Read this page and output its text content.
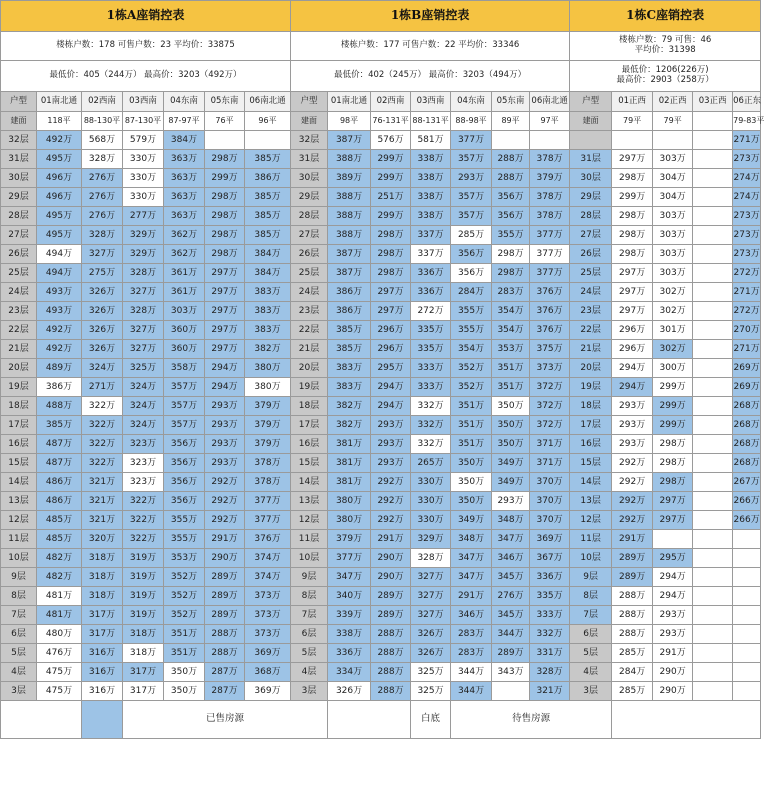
1栋A座销控表							1栋B座销控表							1栋C座销控表				
楼栋户数：178 可售户数：23 平均价：33875							楼栋户数：177 可售户数：22 平均价：33346							楼栋户数：79 可售：46
平均价：31398				

最低价：405（244万） 最高价：3203（492万）							最低价：402（245万） 最高价：3203（494万）							最低价：1206(226万)
最高价：2903（258万）				

户型	01南北通	02西南	03西南	04东南	05东南	06南北通	户型	01南北通	02西南	03西南	04东南	05东南	06南北通	户型	01正西	02正西	03正西	06正东
建面	118平	88-130平	87-130平	87-97平	76平	96平	建面	98平	76-131平	88-131平	88-98平	89平	97平	建面	79平	79平		79-83平
32层	492万	568万	579万	384万			32层	387万	576万	581万	377万							271万
31层	495万	328万	330万	363万	298万	385万	31层	388万	299万	338万	357万	288万	378万	31层	297万	303万		273万
30层	496万	276万	330万	363万	299万	386万	30层	389万	299万	338万	293万	288万	379万	30层	298万	304万		274万
29层	496万	276万	330万	363万	298万	385万	29层	388万	251万	338万	357万	356万	378万	29层	299万	304万		274万
28层	495万	276万	277万	363万	298万	385万	28层	388万	299万	338万	357万	356万	378万	28层	298万	303万		273万
27层	495万	328万	329万	362万	298万	385万	27层	388万	298万	337万	285万	355万	377万	27层	298万	303万		273万
26层	494万	327万	329万	362万	298万	384万	26层	387万	298万	337万	356万	298万	377万	26层	298万	303万		273万
25层	494万	275万	328万	361万	297万	384万	25层	387万	298万	336万	356万	298万	377万	25层	297万	303万		272万
24层	493万	326万	327万	361万	297万	383万	24层	386万	297万	336万	284万	283万	376万	24层	297万	302万		271万
23层	493万	326万	328万	303万	297万	383万	23层	386万	297万	272万	355万	354万	376万	23层	297万	302万		272万
22层	492万	326万	327万	360万	297万	383万	22层	385万	296万	335万	355万	354万	376万	22层	296万	301万		270万
21层	492万	326万	327万	360万	297万	382万	21层	385万	296万	335万	354万	353万	375万	21层	296万	302万		271万
20层	489万	324万	325万	358万	294万	380万	20层	383万	295万	333万	352万	351万	373万	20层	294万	300万		269万
19层	386万	271万	324万	357万	294万	380万	19层	383万	294万	333万	352万	351万	372万	19层	294万	299万		269万
18层	488万	322万	324万	357万	293万	379万	18层	382万	294万	332万	351万	350万	372万	18层	293万	299万		268万
17层	385万	322万	324万	357万	293万	379万	17层	382万	293万	332万	351万	350万	372万	17层	293万	299万		268万
16层	487万	322万	323万	356万	293万	379万	16层	381万	293万	332万	351万	350万	371万	16层	293万	298万		268万
15层	487万	322万	323万	356万	293万	378万	15层	381万	293万	265万	350万	349万	371万	15层	292万	298万		268万
14层	486万	321万	323万	356万	292万	378万	14层	381万	292万	330万	350万	349万	370万	14层	292万	298万		267万
13层	486万	321万	322万	356万	292万	377万	13层	380万	292万	330万	350万	293万	370万	13层	292万	297万		266万
12层	485万	321万	322万	355万	292万	377万	12层	380万	292万	330万	349万	348万	370万	12层	292万	297万		266万
11层	485万	320万	322万	355万	291万	376万	11层	379万	291万	329万	348万	347万	369万	11层	291万			
10层	482万	318万	319万	353万	290万	374万	10层	377万	290万	328万	347万	346万	367万	10层	289万	295万		
9层	482万	318万	319万	352万	289万	374万	9层	347万	290万	327万	347万	345万	336万	9层	289万	294万		
8层	481万	318万	319万	352万	289万	373万	8层	340万	289万	327万	291万	276万	335万	8层	288万	294万		
7层	481万	317万	319万	352万	289万	373万	7层	339万	289万	327万	346万	345万	333万	7层	288万	293万		
6层	480万	317万	318万	351万	288万	373万	6层	338万	288万	326万	283万	344万	332万	6层	288万	293万		
5层	476万	316万	318万	351万	288万	369万	5层	336万	288万	326万	283万	289万	331万	5层	285万	291万		
4层	475万	316万	317万	350万	287万	368万	4层	334万	288万	325万	344万	343万	328万	4层	284万	290万		
3层	475万	316万	317万	350万	287万	369万	3层	326万	288万	325万	344万		321万	3层	285万	290万		
			已售房源							白底	待售房源							
